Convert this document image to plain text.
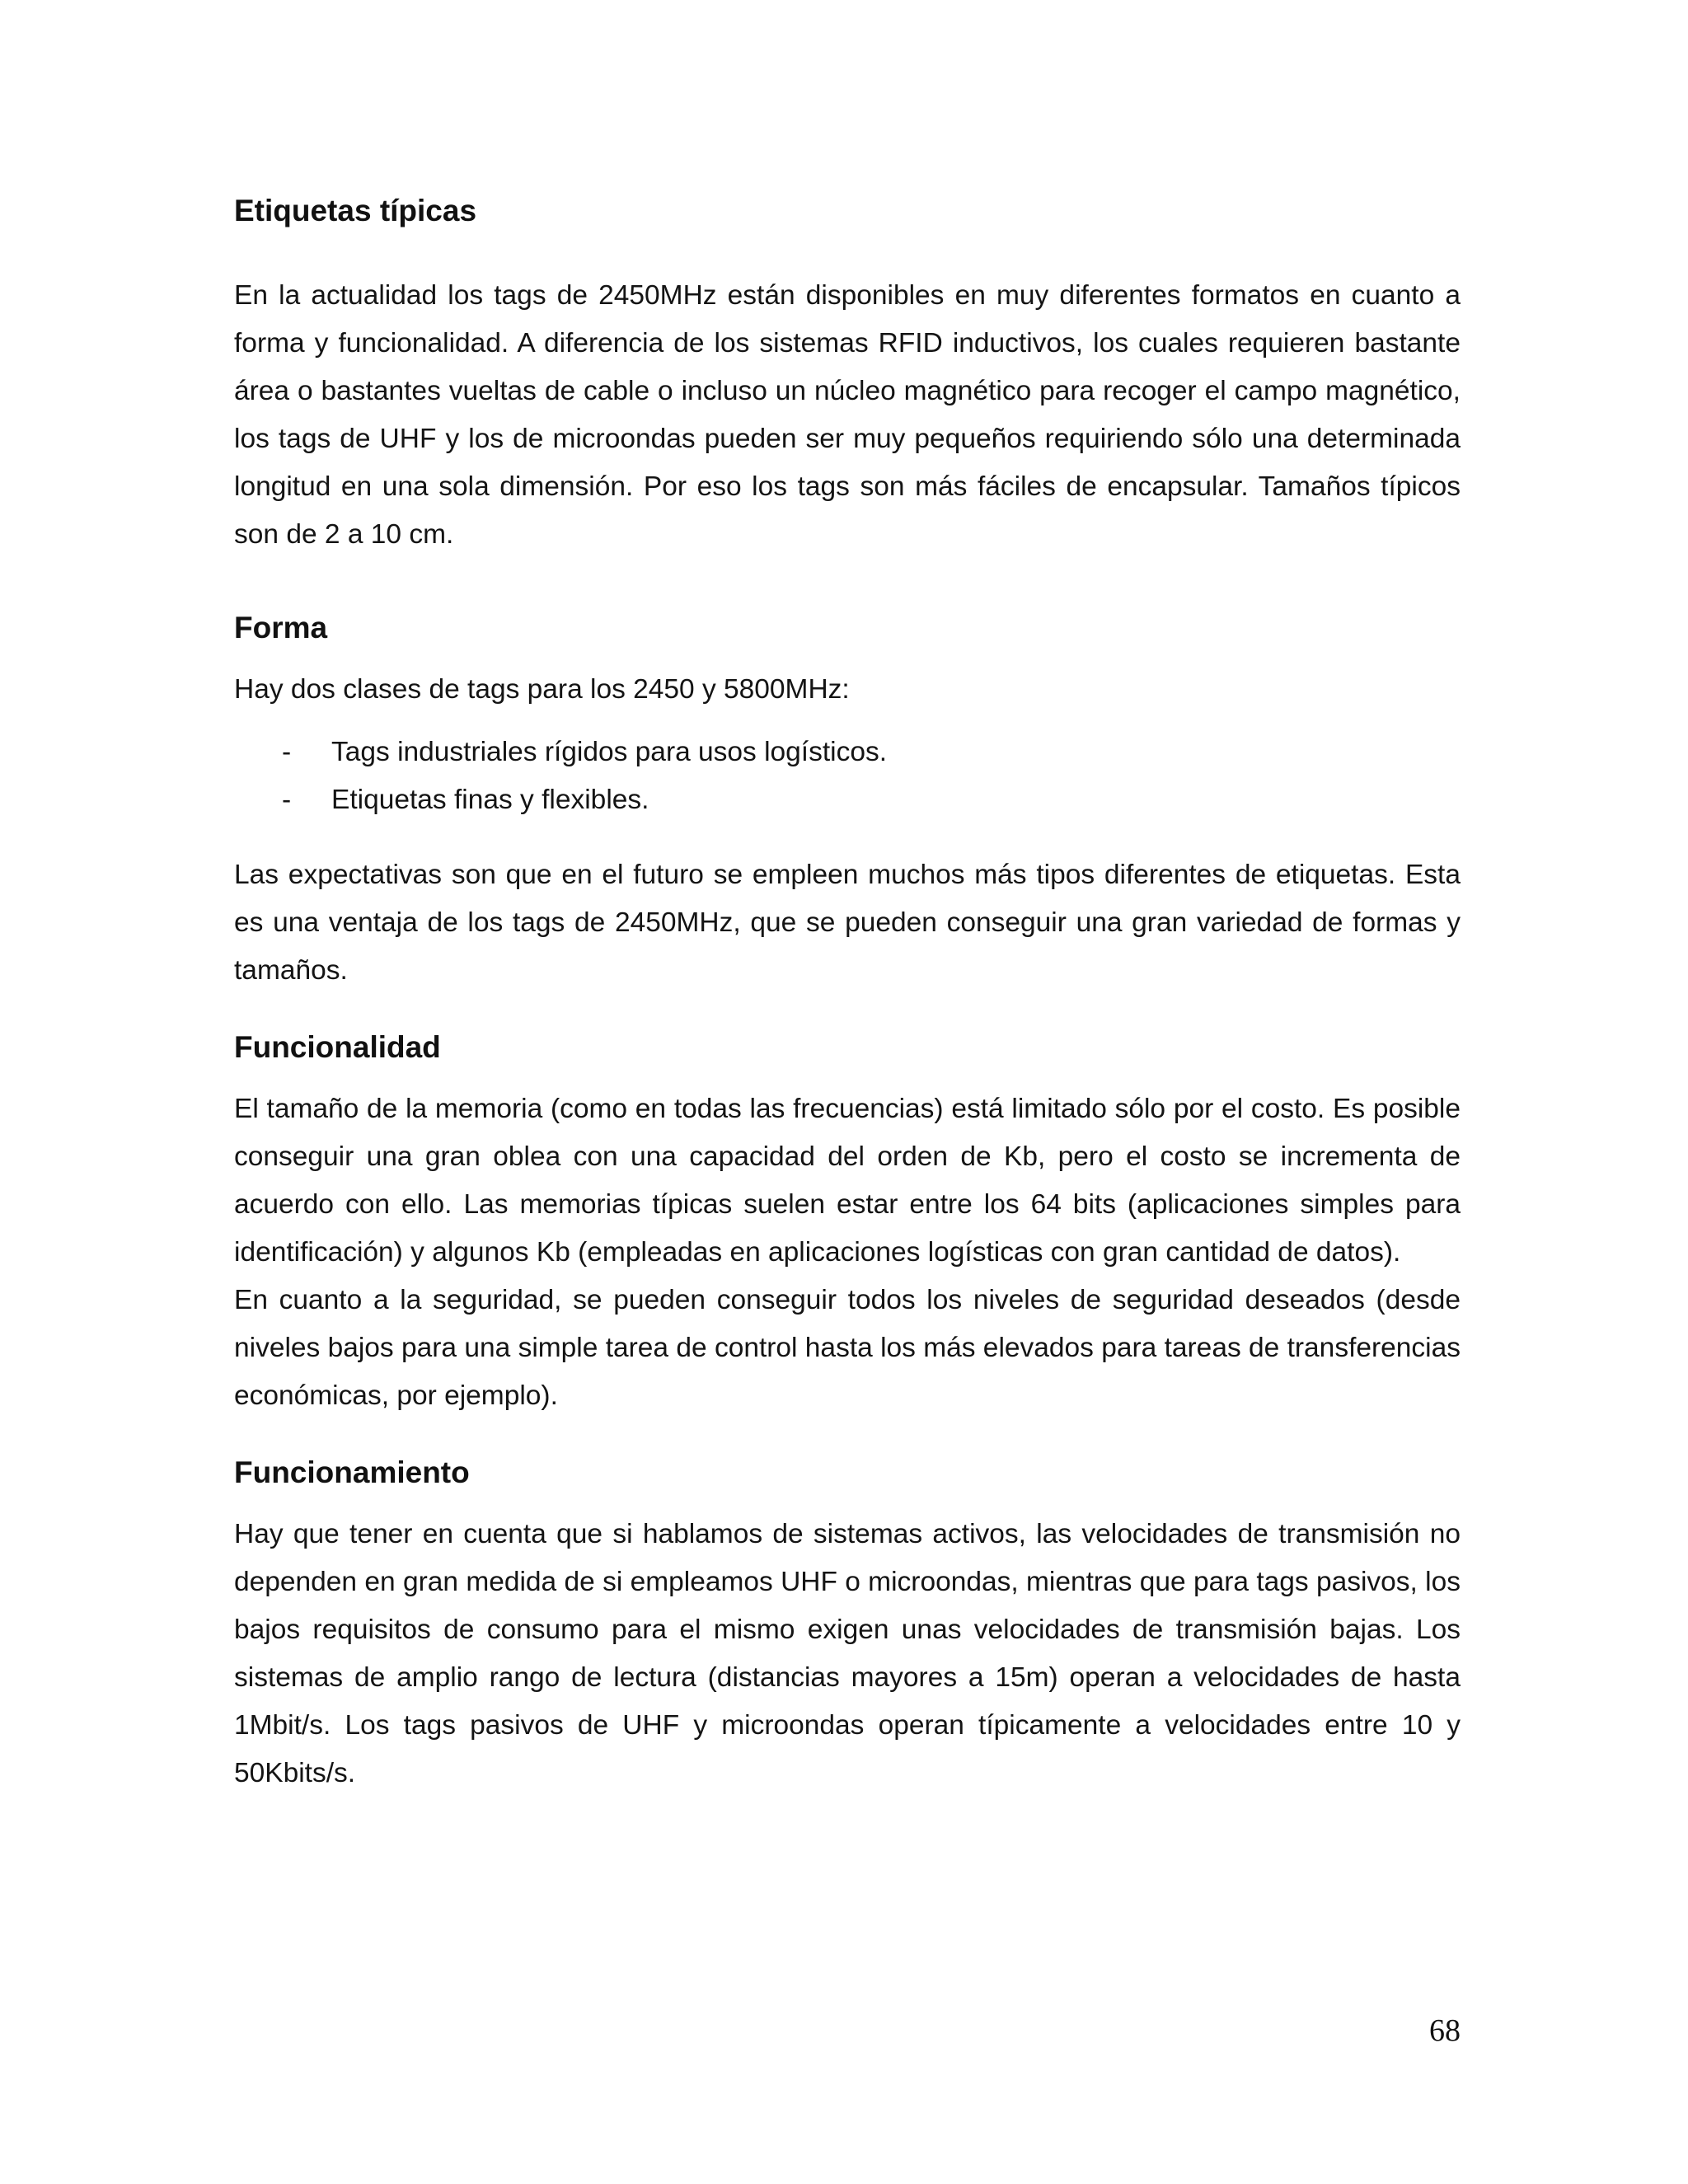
Etiquetas típicas

En la actualidad los tags de 2450MHz están disponibles en muy diferentes formatos en cuanto a forma y funcionalidad. A diferencia de los sistemas RFID inductivos, los cuales requieren bastante área o bastantes vueltas de cable o incluso un núcleo magnético para recoger el campo magnético, los tags de UHF y los de microondas pueden ser muy pequeños requiriendo sólo una determinada longitud en una sola dimensión. Por eso los tags son más fáciles de encapsular. Tamaños típicos son de 2 a 10 cm.

Forma

Hay dos clases de tags para los 2450 y 5800MHz:

- Tags industriales rígidos para usos logísticos.
- Etiquetas finas y flexibles.

Las expectativas son que en el futuro se empleen muchos más tipos diferentes de etiquetas. Esta es una ventaja de los tags de 2450MHz, que se pueden conseguir una gran variedad de formas y tamaños.

Funcionalidad

El tamaño de la memoria (como en todas las frecuencias) está limitado sólo por el costo. Es posible conseguir una gran oblea con una capacidad del orden de Kb, pero el costo se incrementa de acuerdo con ello. Las memorias típicas suelen estar entre los 64 bits (aplicaciones simples para identificación) y algunos Kb (empleadas en aplicaciones logísticas con gran cantidad de datos).

En cuanto a la seguridad, se pueden conseguir todos los niveles de seguridad deseados (desde niveles bajos para una simple tarea de control hasta los más elevados para tareas de transferencias económicas, por ejemplo).

Funcionamiento

Hay que tener en cuenta que si hablamos de sistemas activos, las velocidades de transmisión no dependen en gran medida de si empleamos UHF o microondas, mientras que para tags pasivos, los bajos requisitos de consumo para el mismo exigen unas velocidades de transmisión bajas. Los sistemas de amplio rango de lectura (distancias mayores a 15m) operan a velocidades de hasta 1Mbit/s. Los tags pasivos de UHF y microondas operan típicamente a velocidades entre 10 y 50Kbits/s.

68
